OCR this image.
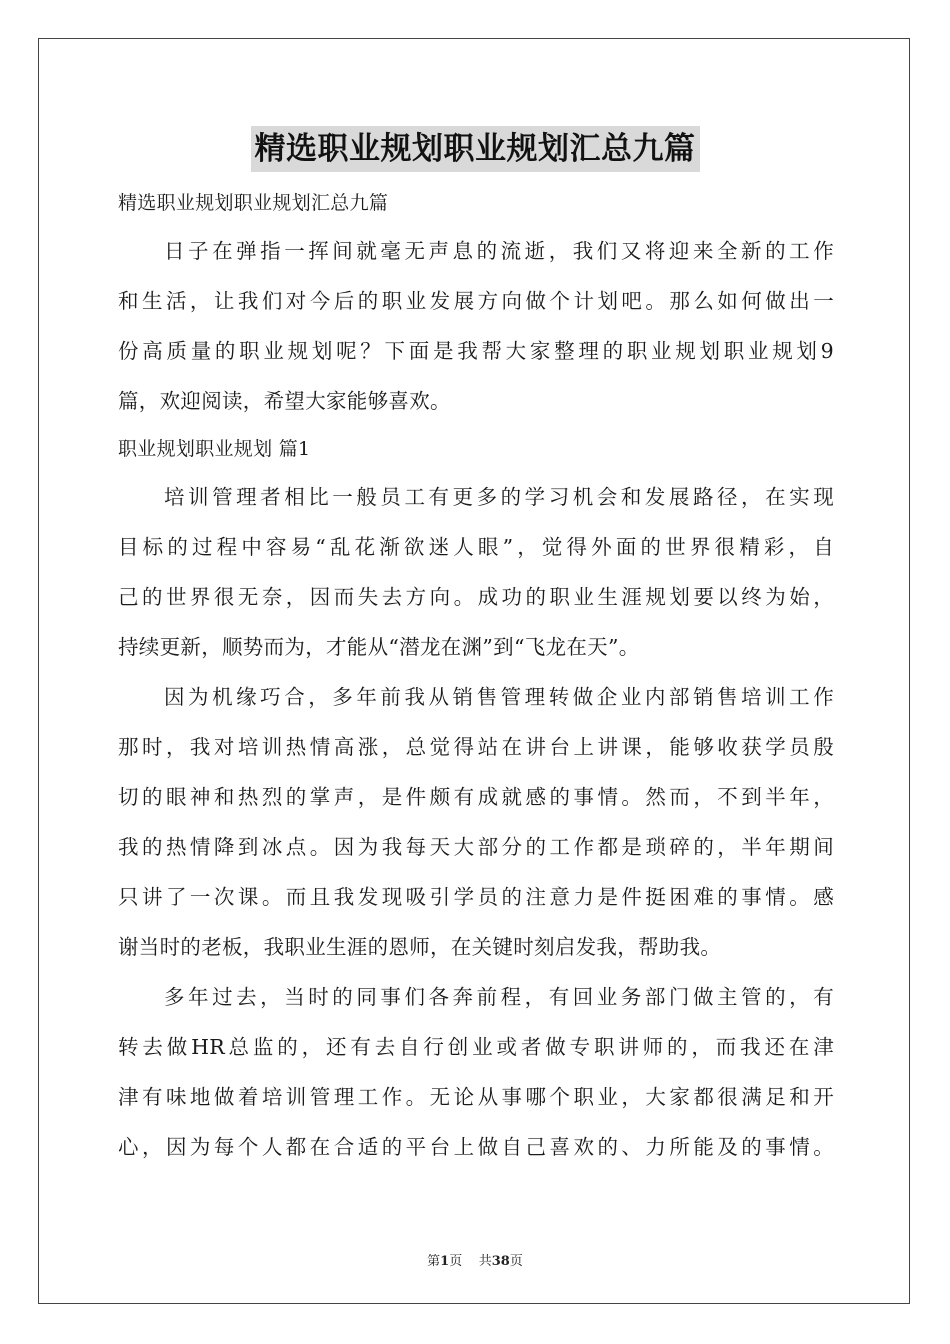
精选职业规划职业规划汇总九篇
精选职业规划职业规划汇总九篇
日子在弹指一挥间就毫无声息的流逝，我们又将迎来全新的工作
和生活，让我们对今后的职业发展方向做个计划吧。那么如何做出一
份高质量的职业规划呢？下面是我帮大家整理的职业规划职业规划9
篇，欢迎阅读，希望大家能够喜欢。
职业规划职业规划 篇1
培训管理者相比一般员工有更多的学习机会和发展路径，在实现
目标的过程中容易“乱花渐欲迷人眼”，觉得外面的世界很精彩，自
己的世界很无奈，因而失去方向。成功的职业生涯规划要以终为始，
持续更新，顺势而为，才能从“潜龙在渊”到“飞龙在天”。
因为机缘巧合，多年前我从销售管理转做企业内部销售培训工作
那时，我对培训热情高涨，总觉得站在讲台上讲课，能够收获学员殷
切的眼神和热烈的掌声，是件颇有成就感的事情。然而，不到半年，
我的热情降到冰点。因为我每天大部分的工作都是琐碎的，半年期间
只讲了一次课。而且我发现吸引学员的注意力是件挺困难的事情。感
谢当时的老板，我职业生涯的恩师，在关键时刻启发我，帮助我。
多年过去，当时的同事们各奔前程，有回业务部门做主管的，有
转去做HR总监的，还有去自行创业或者做专职讲师的，而我还在津
津有味地做着培训管理工作。无论从事哪个职业，大家都很满足和开
心，因为每个人都在合适的平台上做自己喜欢的、力所能及的事情。
第1页 共38页
